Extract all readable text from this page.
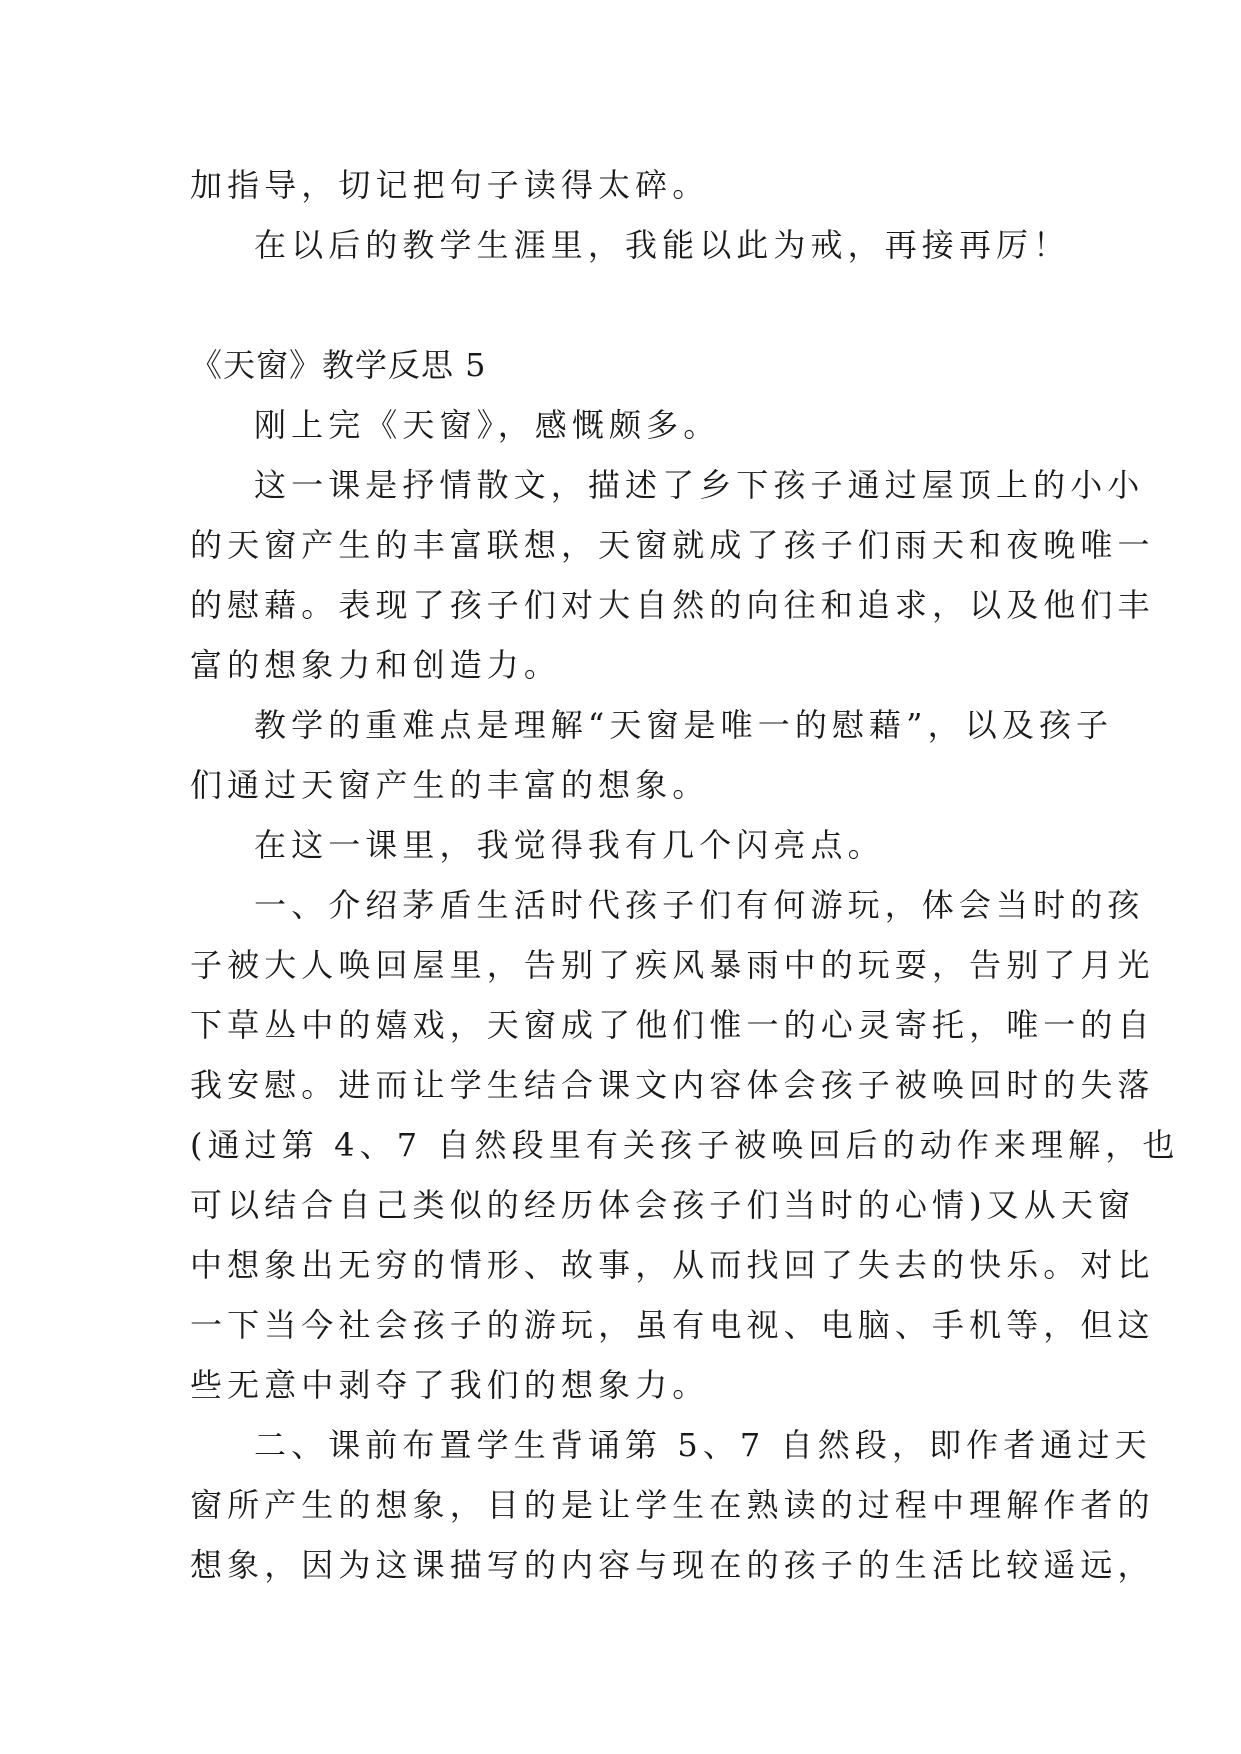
加指导，切记把句子读得太碎。
在以后的教学生涯里，我能以此为戒，再接再厉！
《天窗》教学反思 5
刚上完《天窗》，感慨颇多。
这一课是抒情散文，描述了乡下孩子通过屋顶上的小小
的天窗产生的丰富联想，天窗就成了孩子们雨天和夜晚唯一
的慰藉。表现了孩子们对大自然的向往和追求，以及他们丰
富的想象力和创造力。
教学的重难点是理解“天窗是唯一的慰藉”，以及孩子
们通过天窗产生的丰富的想象。
在这一课里，我觉得我有几个闪亮点。
一、介绍茅盾生活时代孩子们有何游玩，体会当时的孩
子被大人唤回屋里，告别了疾风暴雨中的玩耍，告别了月光
下草丛中的嬉戏，天窗成了他们惟一的心灵寄托，唯一的自
我安慰。进而让学生结合课文内容体会孩子被唤回时的失落
(通过第 4、7 自然段里有关孩子被唤回后的动作来理解，也
可以结合自己类似的经历体会孩子们当时的心情)又从天窗
中想象出无穷的情形、故事，从而找回了失去的快乐。对比
一下当今社会孩子的游玩，虽有电视、电脑、手机等，但这
些无意中剥夺了我们的想象力。
二、课前布置学生背诵第 5、7 自然段，即作者通过天
窗所产生的想象，目的是让学生在熟读的过程中理解作者的
想象，因为这课描写的内容与现在的孩子的生活比较遥远，
